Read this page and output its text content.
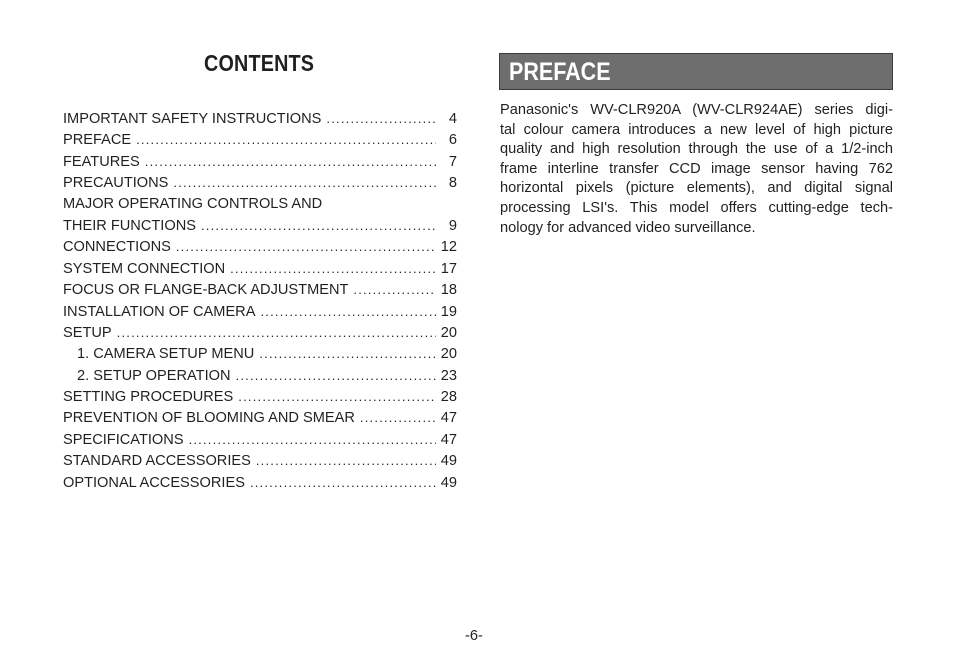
CONTENTS
IMPORTANT SAFETY INSTRUCTIONS .....	4
PREFACE .....	6
FEATURES .....	7
PRECAUTIONS .....	8
MAJOR OPERATING CONTROLS AND
THEIR FUNCTIONS .....	9
CONNECTIONS .....	12
SYSTEM CONNECTION .....	17
FOCUS OR FLANGE-BACK ADJUSTMENT .....	18
INSTALLATION OF CAMERA .....	19
SETUP .....	20
1. CAMERA SETUP MENU .....	20
2. SETUP OPERATION .....	23
SETTING PROCEDURES .....	28
PREVENTION OF BLOOMING AND SMEAR .....	47
SPECIFICATIONS .....	47
STANDARD ACCESSORIES .....	49
OPTIONAL ACCESSORIES .....	49
PREFACE
Panasonic's WV-CLR920A (WV-CLR924AE) series digi-
tal colour camera introduces a new level of high picture
quality and high resolution through the use of a 1/2-inch
frame interline transfer CCD image sensor having 762
horizontal pixels (picture elements), and digital signal
processing LSI's. This model offers cutting-edge tech-
nology for advanced video surveillance.
-6-
